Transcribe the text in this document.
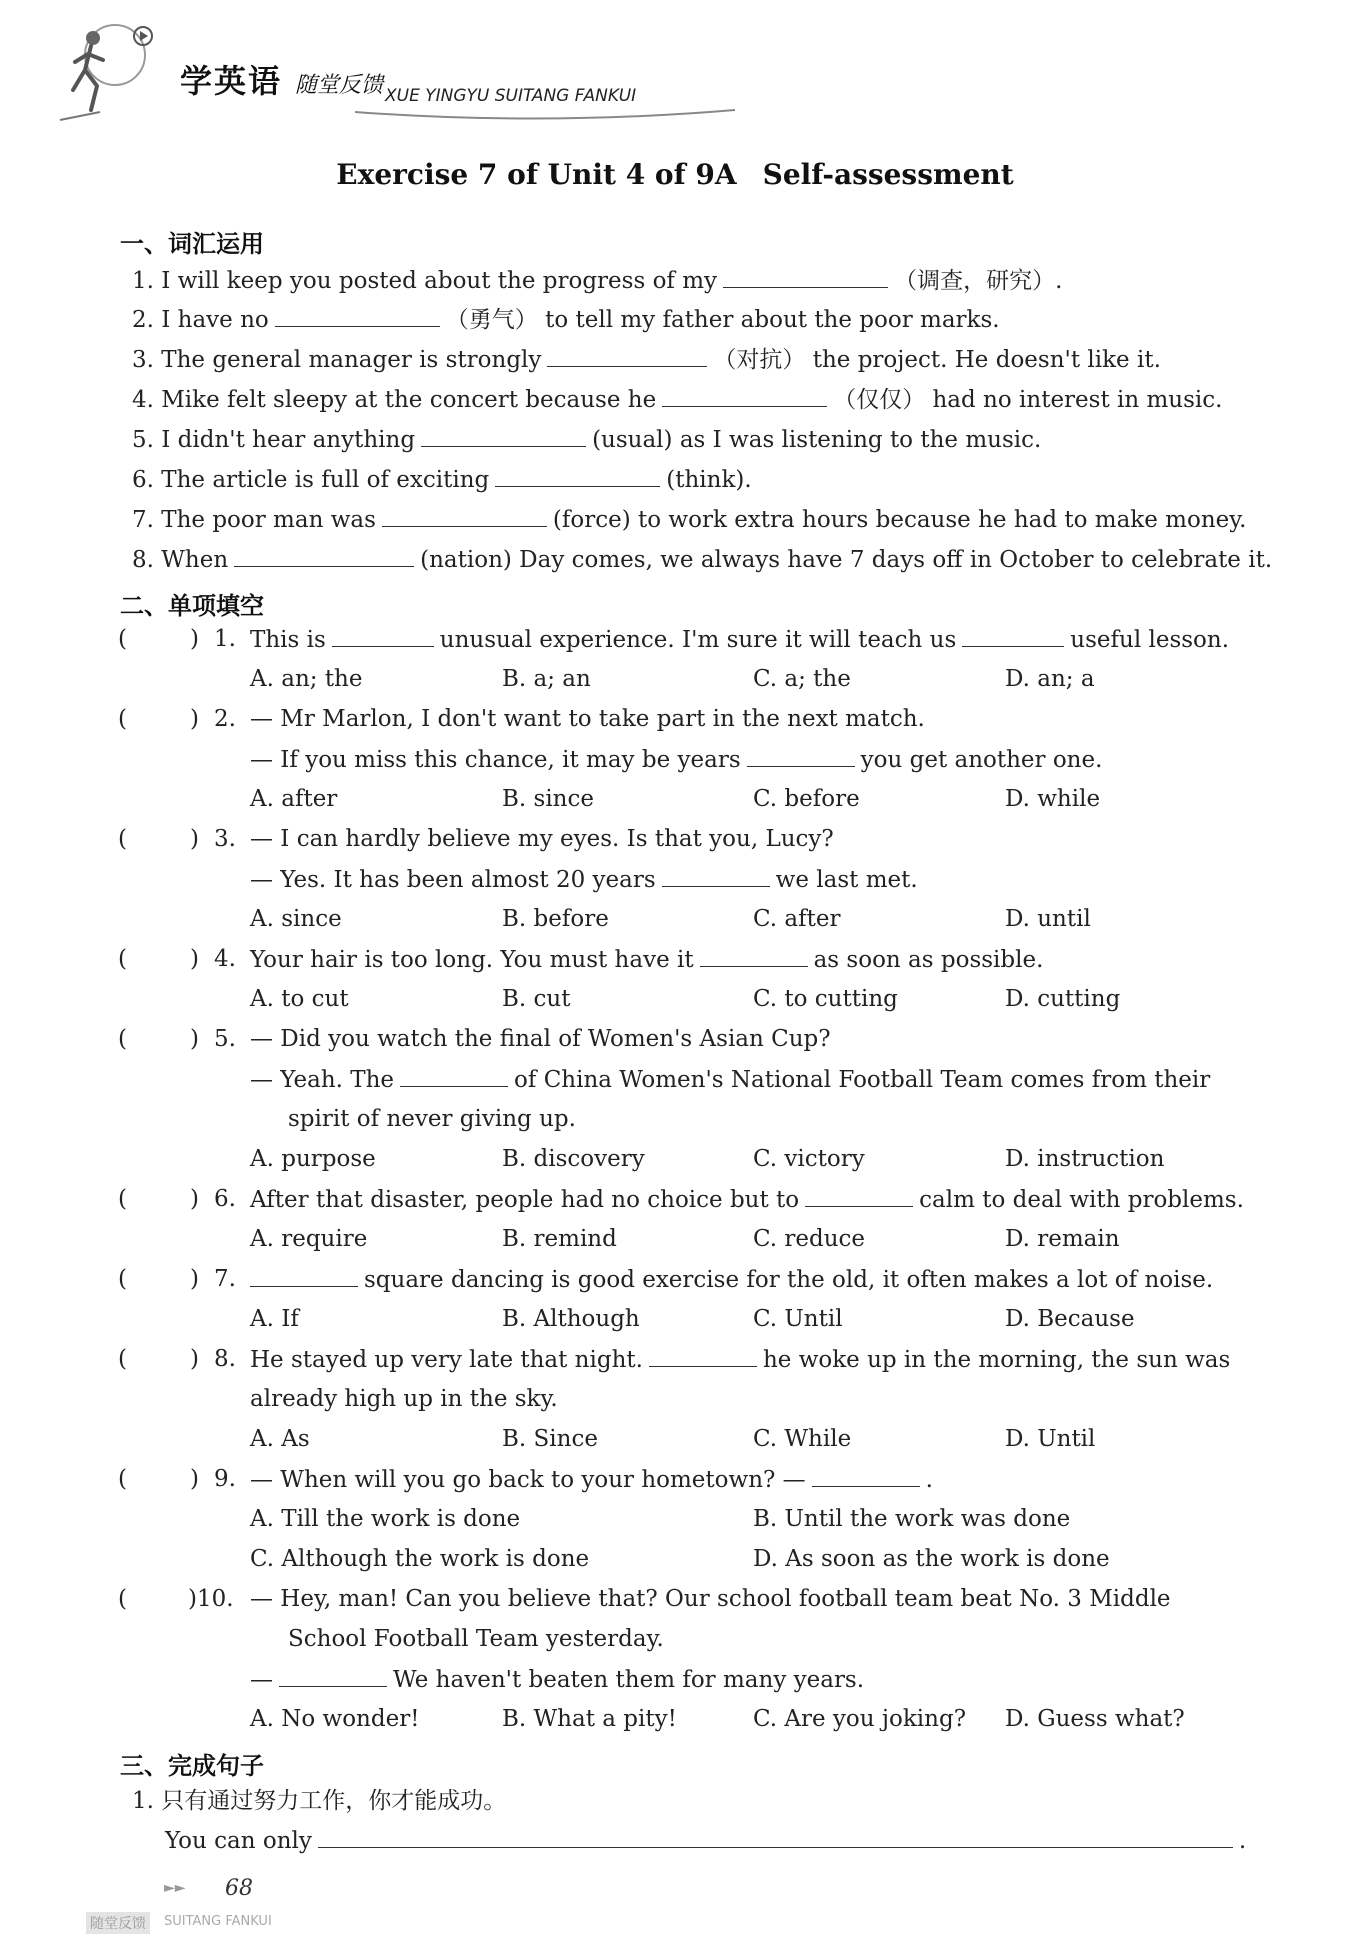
学英语 随堂反馈 XUE YINGYU SUITANG FANKUI
Exercise 7 of Unit 4 of 9A Self-assessment
一、词汇运用
1. I will keep you posted about the progress of my	（调查，研究）.
2. I have no	（勇气） to tell my father about the poor marks.
3. The general manager is strongly	（对抗） the project. He doesn't like it.
4. Mike felt sleepy at the concert because he	（仅仅） had no interest in music.
5. I didn't hear anything	(usual) as I was listening to the music.
6. The article is full of exciting	(think).
7. The poor man was	(force) to work extra hours because he had to make money.
8. When	(nation) Day comes, we always have 7 days off in October to celebrate it.
二、单项填空
(	) 1. This is	unusual experience. I'm sure it will teach us	useful lesson.
A. an; the	B. a; an	C. a; the	D. an; a
(	) 2. — Mr Marlon, I don't want to take part in the next match.
— If you miss this chance, it may be years	you get another one.
A. after	B. since	C. before	D. while
(	) 3. — I can hardly believe my eyes. Is that you, Lucy?
— Yes. It has been almost 20 years	we last met.
A. since	B. before	C. after	D. until
(	) 4. Your hair is too long. You must have it	as soon as possible.
A. to cut	B. cut	C. to cutting	D. cutting
(	) 5. — Did you watch the final of Women's Asian Cup?
— Yeah. The	of China Women's National Football Team comes from their
spirit of never giving up.
A. purpose	B. discovery	C. victory	D. instruction
(	) 6. After that disaster, people had no choice but to	calm to deal with problems.
A. require	B. remind	C. reduce	D. remain
(	) 7.	square dancing is good exercise for the old, it often makes a lot of noise.
A. If	B. Although	C. Until	D. Because
(	) 8. He stayed up very late that night.	he woke up in the morning, the sun was
already high up in the sky.
A. As	B. Since	C. While	D. Until
(	) 9. — When will you go back to your hometown? —	.
A. Till the work is done	B. Until the work was done
C. Although the work is done	D. As soon as the work is done
(	)10. — Hey, man! Can you believe that? Our school football team beat No. 3 Middle
School Football Team yesterday.
—	We haven't beaten them for many years.
A. No wonder!	B. What a pity!	C. Are you joking? D. Guess what?
三、完成句子
1. 只有通过努力工作，你才能成功。
You can only	.
►► 68
随堂反馈	SUITANG FANKUI
